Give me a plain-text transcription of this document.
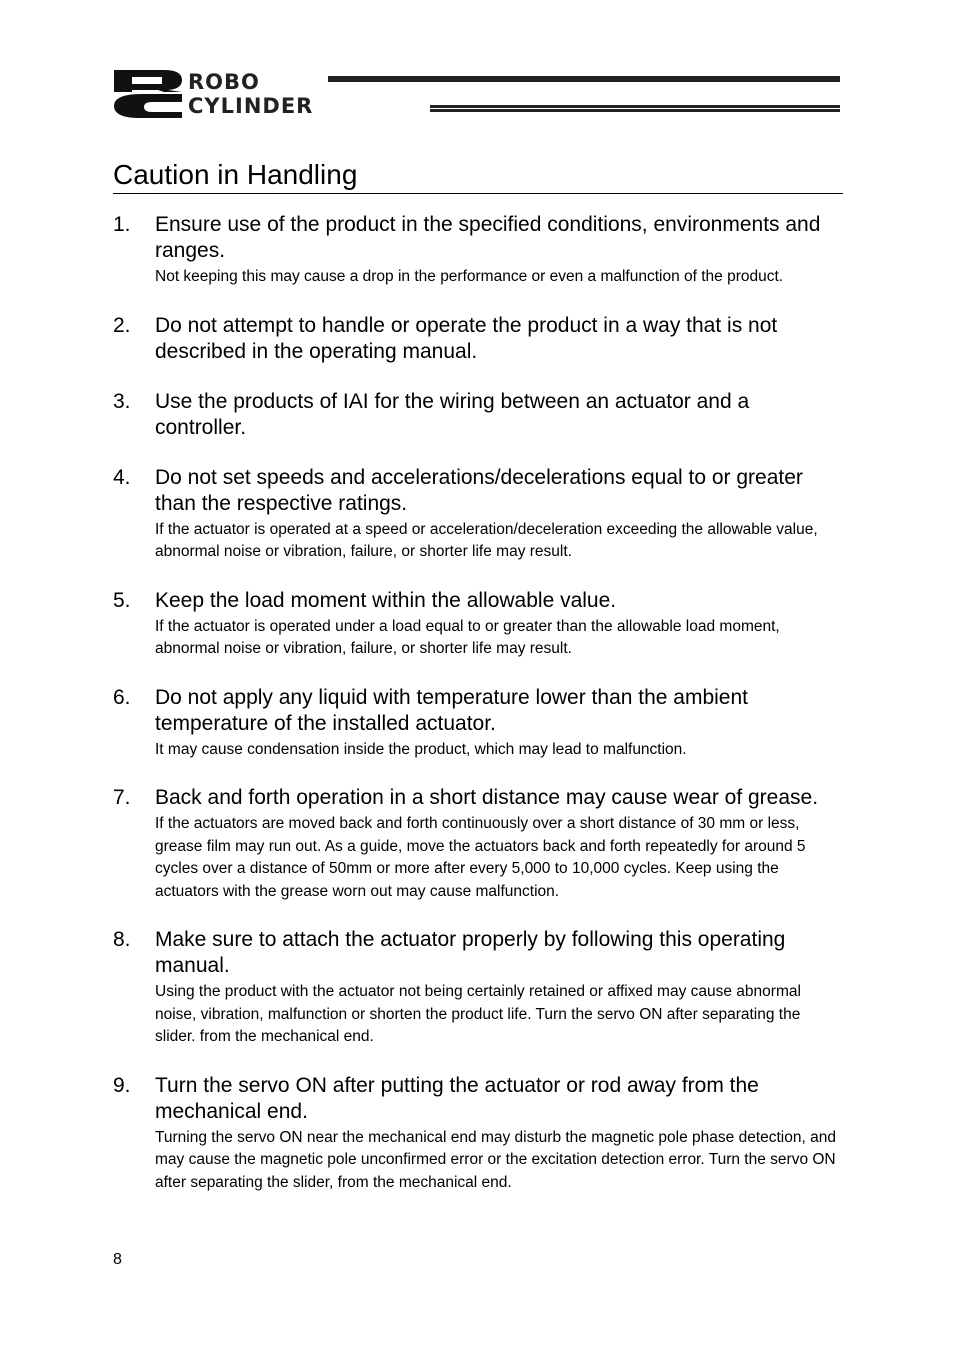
ROBO
CYLINDER
Caution in Handling
1. Ensure use of the product in the specified conditions, environments and ranges.
Not keeping this may cause a drop in the performance or even a malfunction of the product.
2. Do not attempt to handle or operate the product in a way that is not described in the operating manual.
3. Use the products of IAI for the wiring between an actuator and a controller.
4. Do not set speeds and accelerations/decelerations equal to or greater than the respective ratings.
If the actuator is operated at a speed or acceleration/deceleration exceeding the allowable value, abnormal noise or vibration, failure, or shorter life may result.
5. Keep the load moment within the allowable value.
If the actuator is operated under a load equal to or greater than the allowable load moment, abnormal noise or vibration, failure, or shorter life may result.
6. Do not apply any liquid with temperature lower than the ambient temperature of the installed actuator.
It may cause condensation inside the product, which may lead to malfunction.
7. Back and forth operation in a short distance may cause wear of grease.
If the actuators are moved back and forth continuously over a short distance of 30 mm or less, grease film may run out. As a guide, move the actuators back and forth repeatedly for around 5 cycles over a distance of 50mm or more after every 5,000 to 10,000 cycles. Keep using the actuators with the grease worn out may cause malfunction.
8. Make sure to attach the actuator properly by following this operating manual.
Using the product with the actuator not being certainly retained or affixed may cause abnormal noise, vibration, malfunction or shorten the product life. Turn the servo ON after separating the slider. from the mechanical end.
9. Turn the servo ON after putting the actuator or rod away from the mechanical end.
Turning the servo ON near the mechanical end may disturb the magnetic pole phase detection, and may cause the magnetic pole unconfirmed error or the excitation detection error. Turn the servo ON after separating the slider, from the mechanical end.
8
